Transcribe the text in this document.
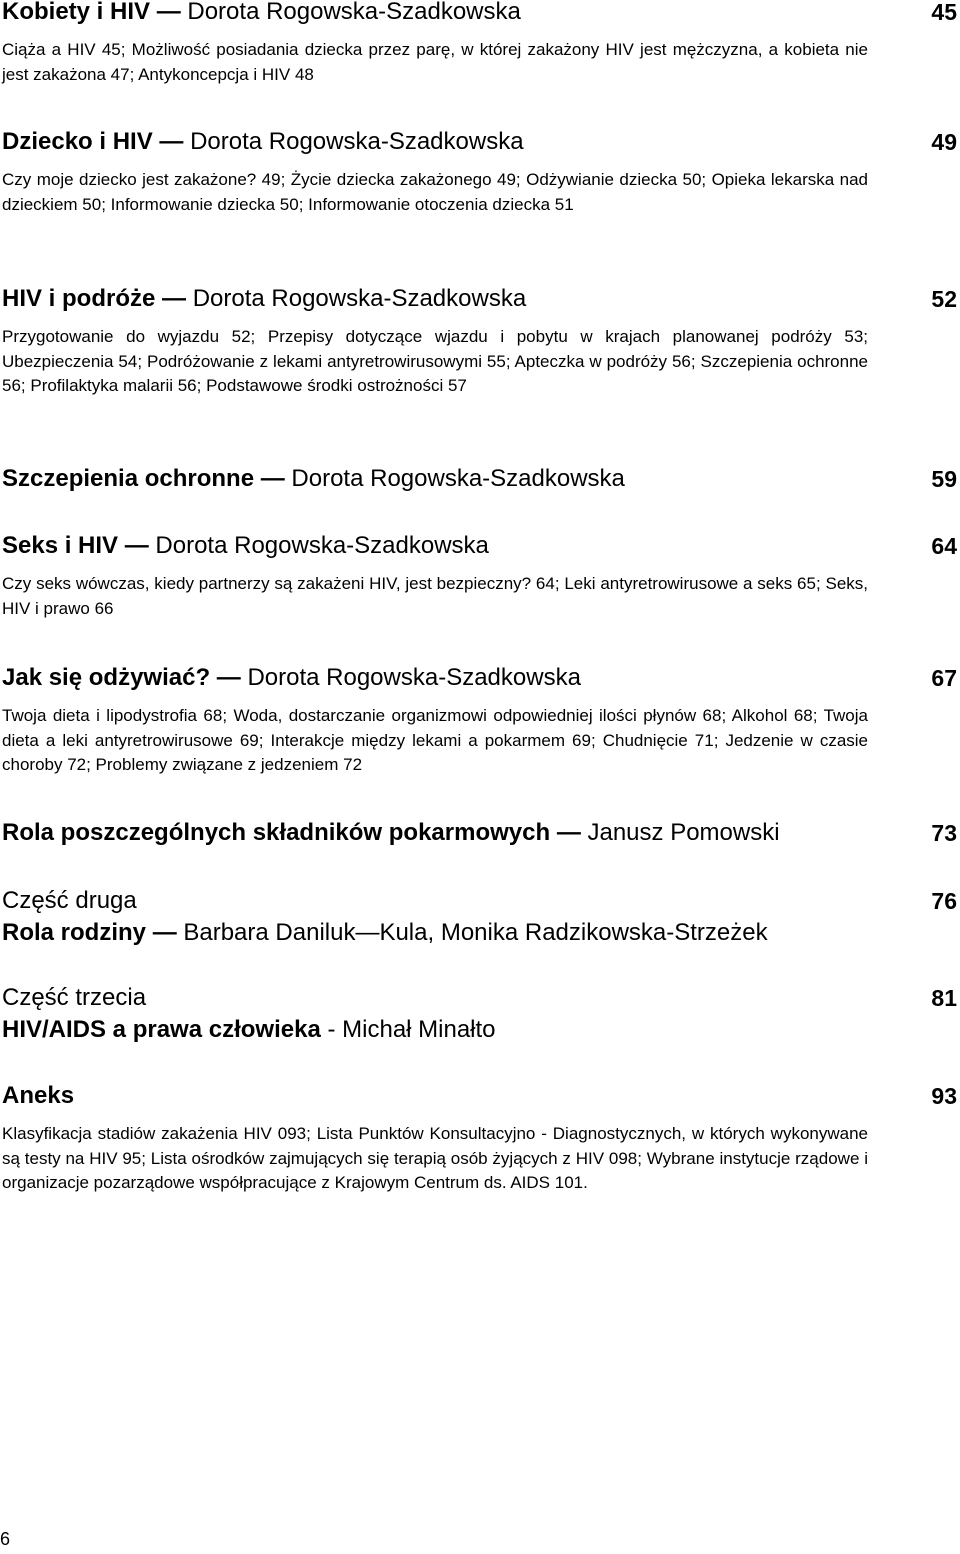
Kobiety i HIV — Dorota Rogowska-Szadkowska	45
Ciąża a HIV 45; Możliwość posiadania dziecka przez parę, w której zakażony HIV jest mężczyzna, a kobieta nie jest zakażona 47; Antykoncepcja i HIV 48
Dziecko i HIV — Dorota Rogowska-Szadkowska	49
Czy moje dziecko jest zakażone? 49; Życie dziecka zakażonego 49; Odżywianie dziecka 50; Opieka lekarska nad dzieckiem 50; Informowanie dziecka 50; Informowanie otoczenia dziecka 51
HIV i podróże — Dorota Rogowska-Szadkowska	52
Przygotowanie do wyjazdu 52; Przepisy dotyczące wjazdu i pobytu w krajach planowanej podróży 53; Ubezpieczenia 54; Podróżowanie z lekami antyretrowirusowymi 55; Apteczka w podróży 56; Szczepienia ochronne 56; Profilaktyka malarii 56; Podstawowe środki ostrożności 57
Szczepienia ochronne — Dorota Rogowska-Szadkowska	59
Seks i HIV — Dorota Rogowska-Szadkowska	64
Czy seks wówczas, kiedy partnerzy są zakażeni HIV, jest bezpieczny? 64; Leki antyretrowirusowe a seks 65; Seks, HIV i prawo 66
Jak się odżywiać? — Dorota Rogowska-Szadkowska	67
Twoja dieta i lipodystrofia 68; Woda, dostarczanie organizmowi odpowiedniej ilości płynów 68; Alkohol 68; Twoja dieta a leki antyretrowirusowe 69; Interakcje między lekami a pokarmem 69; Chudnięcie 71; Jedzenie w czasie choroby 72; Problemy związane z jedzeniem 72
Rola poszczególnych składników pokarmowych — Janusz Pomowski	73
Część druga	76
Rola rodziny — Barbara Daniluk—Kula, Monika Radzikowska-Strzeżek
Część trzecia	81
HIV/AIDS a prawa człowieka - Michał Minałto
Aneks	93
Klasyfikacja stadiów zakażenia HIV 093; Lista Punktów Konsultacyjno - Diagnostycznych, w których wykonywane są testy na HIV 95; Lista ośrodków zajmujących się terapią osób żyjących z HIV 098; Wybrane instytucje rządowe i organizacje pozarządowe współpracujące z Krajowym Centrum ds. AIDS 101.
6
